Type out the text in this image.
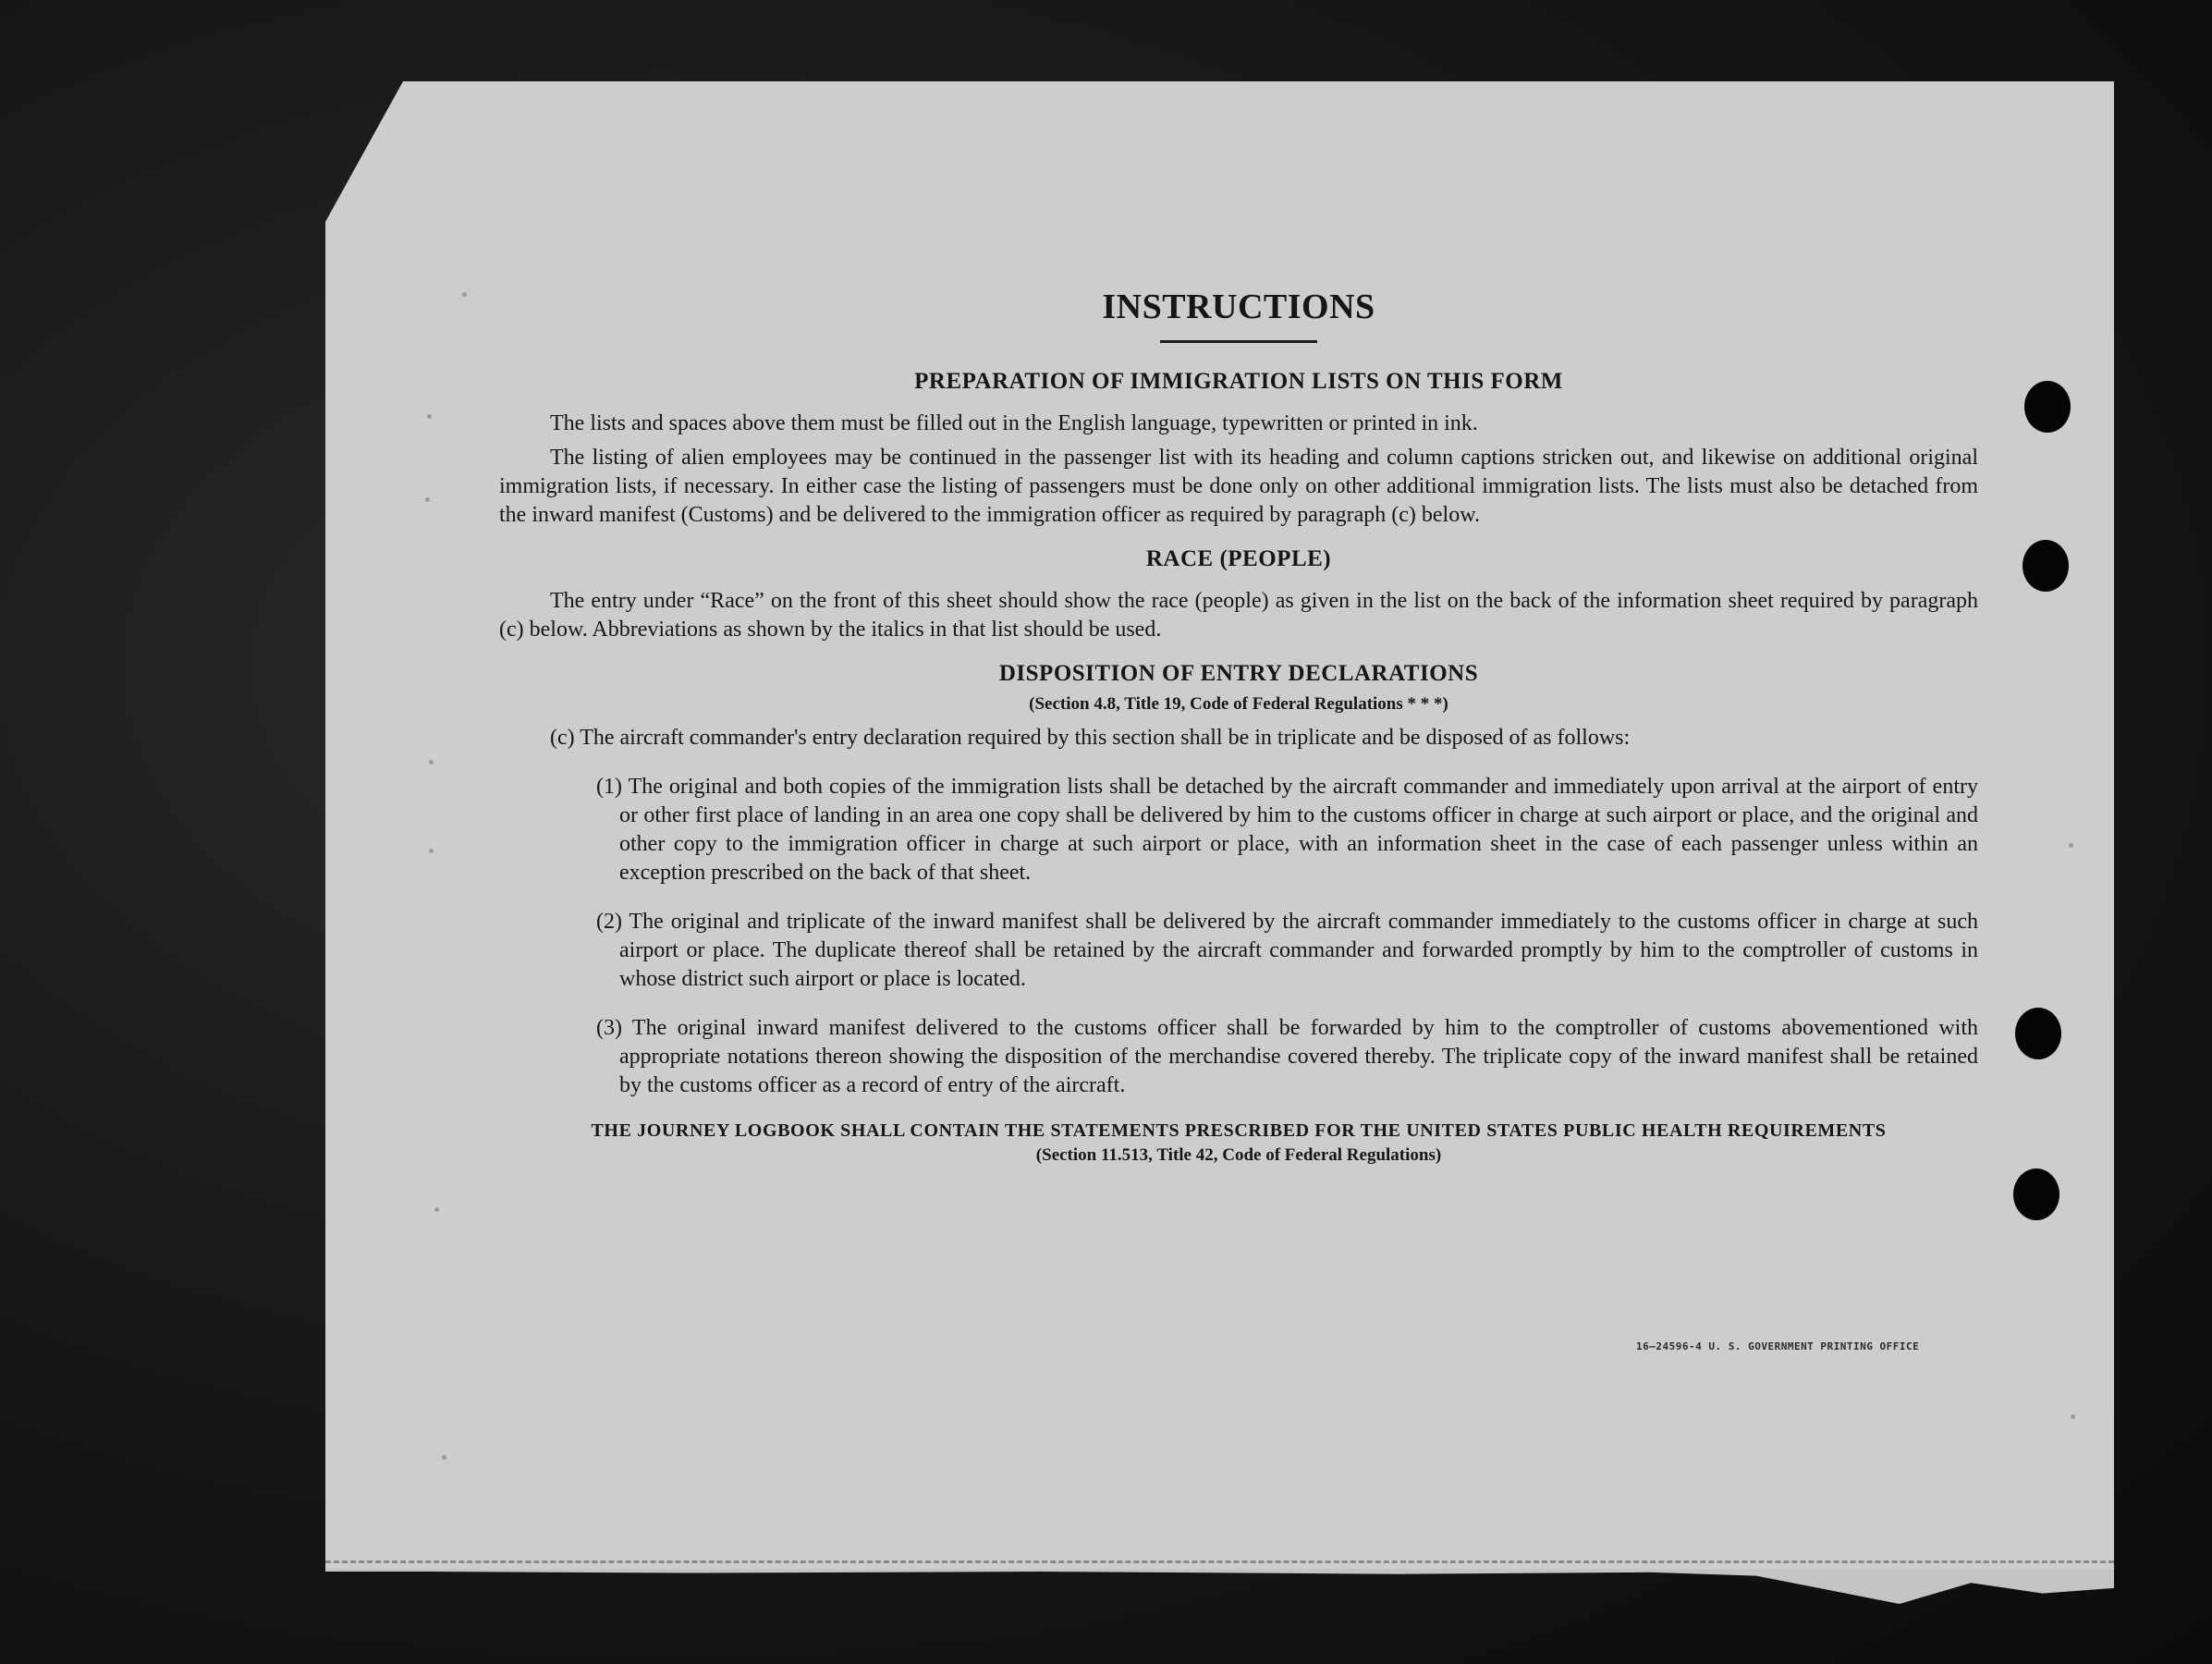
INSTRUCTIONS
PREPARATION OF IMMIGRATION LISTS ON THIS FORM

The lists and spaces above them must be filled out in the English language, typewritten or printed in ink.

The listing of alien employees may be continued in the passenger list with its heading and column captions stricken out, and likewise on additional original immigration lists, if necessary. In either case the listing of passengers must be done only on other additional immigration lists. The lists must also be detached from the inward manifest (Customs) and be delivered to the immigration officer as required by paragraph (c) below.

RACE (PEOPLE)

The entry under “Race” on the front of this sheet should show the race (people) as given in the list on the back of the information sheet required by paragraph (c) below. Abbreviations as shown by the italics in that list should be used.

DISPOSITION OF ENTRY DECLARATIONS
(Section 4.8, Title 19, Code of Federal Regulations * * *)

(c) The aircraft commander's entry declaration required by this section shall be in triplicate and be disposed of as follows:

(1) The original and both copies of the immigration lists shall be detached by the aircraft commander and immediately upon arrival at the airport of entry or other first place of landing in an area one copy shall be delivered by him to the customs officer in charge at such airport or place, and the original and other copy to the immigration officer in charge at such airport or place, with an information sheet in the case of each passenger unless within an exception prescribed on the back of that sheet.
(2) The original and triplicate of the inward manifest shall be delivered by the aircraft commander immediately to the customs officer in charge at such airport or place. The duplicate thereof shall be retained by the aircraft commander and forwarded promptly by him to the comptroller of customs in whose district such airport or place is located.
(3) The original inward manifest delivered to the customs officer shall be forwarded by him to the comptroller of customs abovementioned with appropriate notations thereon showing the disposition of the merchandise covered thereby. The triplicate copy of the inward manifest shall be retained by the customs officer as a record of entry of the aircraft.
THE JOURNEY LOGBOOK SHALL CONTAIN THE STATEMENTS PRESCRIBED FOR THE UNITED STATES PUBLIC HEALTH REQUIREMENTS
(Section 11.513, Title 42, Code of Federal Regulations)
16—24596-4 U. S. GOVERNMENT PRINTING OFFICE
